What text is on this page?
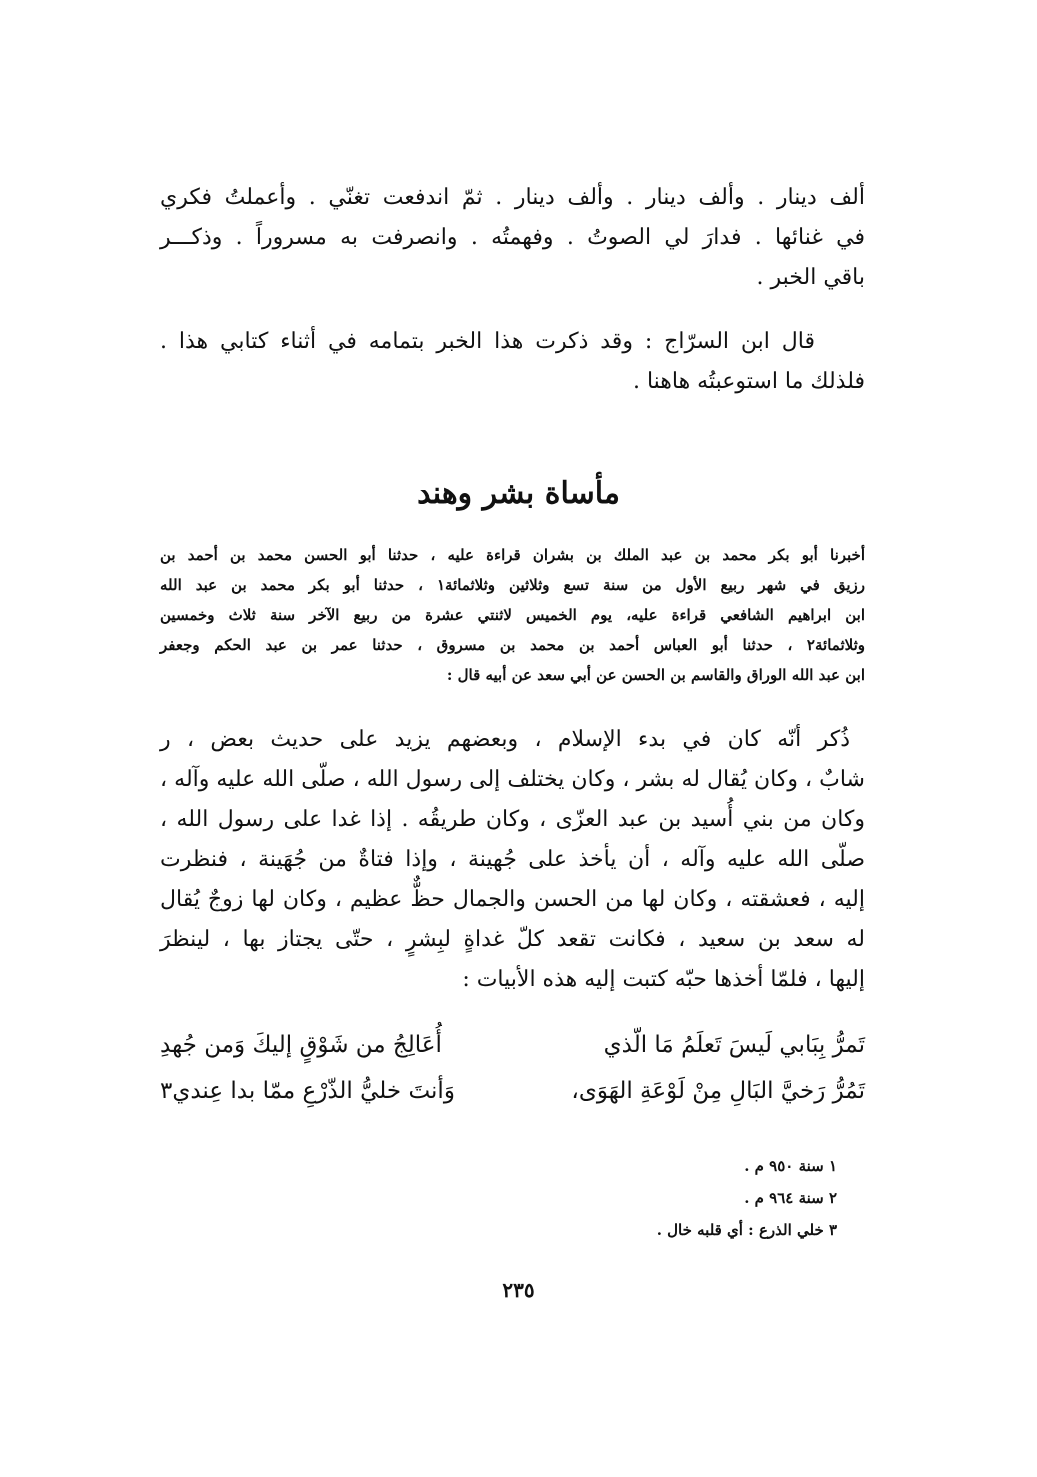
ألف دينار . وألف دينار . وألف دينار . ثمّ اندفعت تغنّي . وأعملتُ فكري
في غنائها . فدارَ لي الصوتُ . وفهمتُه . وانصرفت به مسروراً . وذكـــر
باقي الخبر .
قال ابن السرّاج : وقد ذكرت هذا الخبر بتمامه في أثناء كتابي هذا .
فلذلك ما استوعبتُه هاهنا .
مأساة بشر وهند
أخبرنا أبو بكر محمد بن عبد الملك بن بشران قراءة عليه ، حدثنا أبو الحسن محمد بن أحمد بن
رزيق في شهر ربيع الأول من سنة تسع وثلاثين وثلاثمائة١ ، حدثنا أبو بكر محمد بن عبد الله
ابن ابراهيم الشافعي قراءة عليه، يوم الخميس لاثنتي عشرة من ربيع الآخر سنة ثلاث وخمسين
وثلاثمائة٢ ، حدثنا أبو العباس أحمد بن محمد بن مسروق ، حدثنا عمر بن عبد الحكم وجعفر
ابن عبد الله الوراق والقاسم بن الحسن عن أبي سعد عن أبيه قال :
ذُكر أنّه كان في بدء الإسلام ، وبعضهم يزيد على حديث بعض ، ر
شابٌ ، وكان يُقال له بشر ، وكان يختلف إلى رسول الله ، صلّى الله عليه وآله ،
وكان من بني أُسيد بن عبد العزّى ، وكان طريقُه . إذا غدا على رسول الله ،
صلّى الله عليه وآله ، أن يأخذ على جُهينة ، وإذا فتاةٌ من جُهَينة ، فنظرت
إليه ، فعشقته ، وكان لها من الحسن والجمال حظٌّ عظيم ، وكان لها زوجٌ يُقال
له سعد بن سعيد ، فكانت تقعد كلّ غداةٍ لبِشرٍ ، حتّى يجتاز بها ، لينظرَ
إليها ، فلمّا أخذها حبّه كتبت إليه هذه الأبيات :
تَمرُّ بِبَابي لَيسَ تَعلَمُ مَا الّذي
أُعَالِجُ من شَوْقٍ إليكَ وَمن جُهدِ
تَمُرُّ رَخيَّ البَالِ مِنْ لَوْعَةِ الهَوَى،
وَأنتَ خليُّ الذّرْعِ ممّا بدا عِندي٣
١ سنة ٩٥٠ م .
٢ سنة ٩٦٤ م .
٣ خلي الذرع : أي قلبه خال .
٢٣٥
